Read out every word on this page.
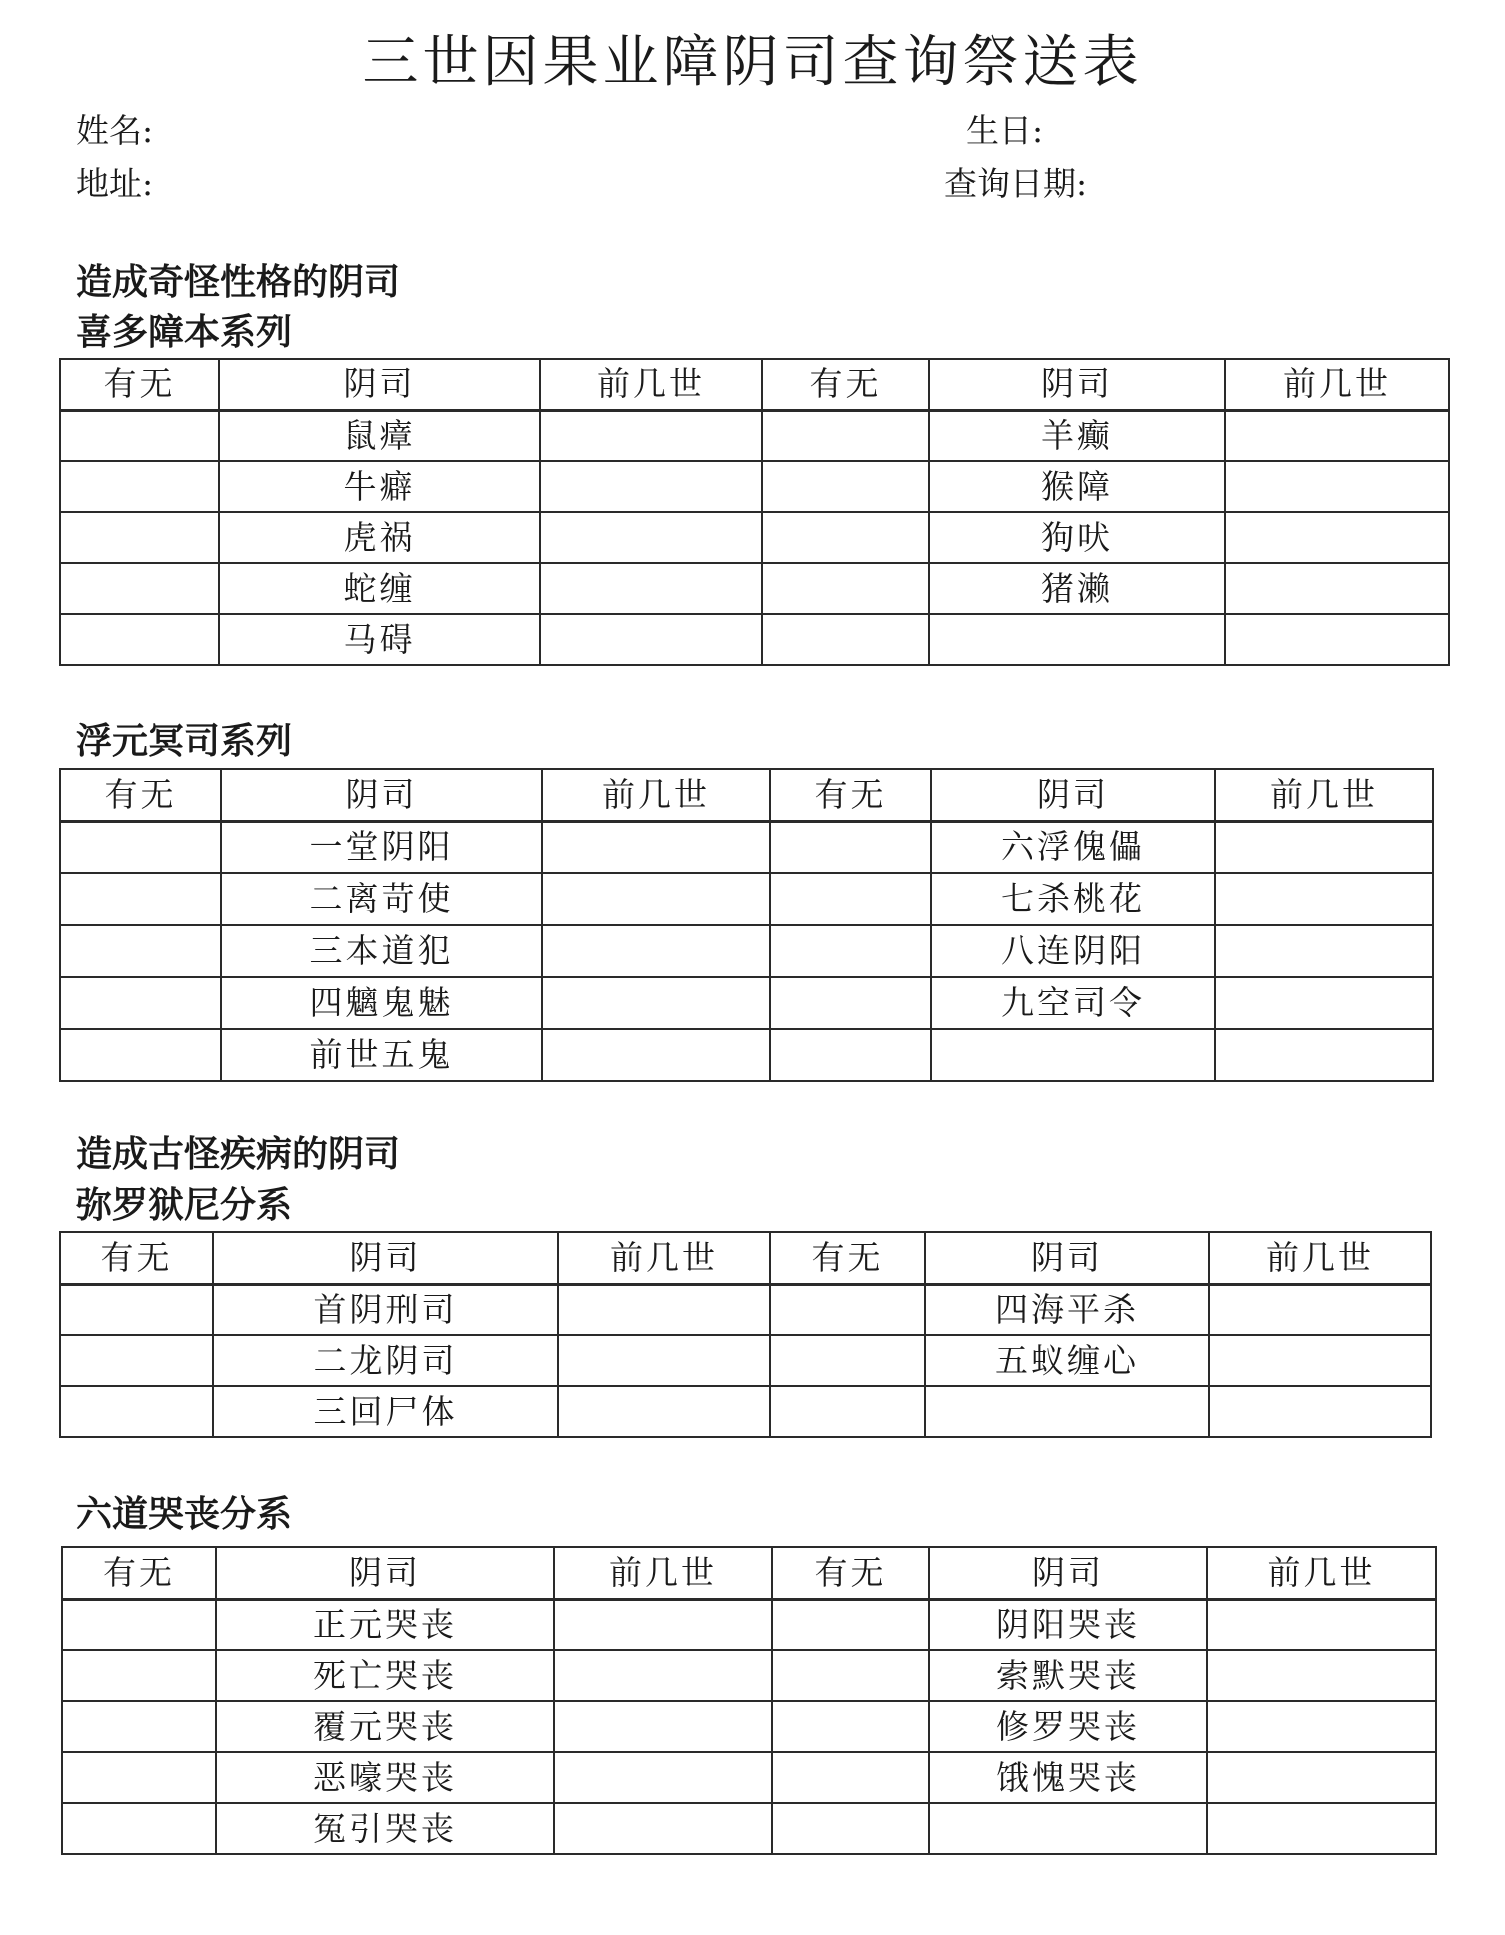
三世因果业障阴司查询祭送表
姓名:	生日:
地址:	查询日期:
造成奇怪性格的阴司
喜多障本系列
有无	阴司	前几世	有无	阴司	前几世
	鼠瘴			羊癫	
	牛癖			猴障	
	虎祸			狗吠	
	蛇缠			猪濑	
	马碍				
浮元冥司系列
有无	阴司	前几世	有无	阴司	前几世
	一堂阴阳			六浮傀儡	
	二离苛使			七杀桃花	
	三本道犯			八连阴阳	
	四魑鬼魅			九空司令	
	前世五鬼				
造成古怪疾病的阴司
弥罗狱尼分系
有无	阴司	前几世	有无	阴司	前几世
	首阴刑司			四海平杀	
	二龙阴司			五蚁缠心	
	三回尸体				
六道哭丧分系
有无	阴司	前几世	有无	阴司	前几世
	正元哭丧			阴阳哭丧	
	死亡哭丧			索默哭丧	
	覆元哭丧			修罗哭丧	
	恶嚎哭丧			饿愧哭丧	
	冤引哭丧				
